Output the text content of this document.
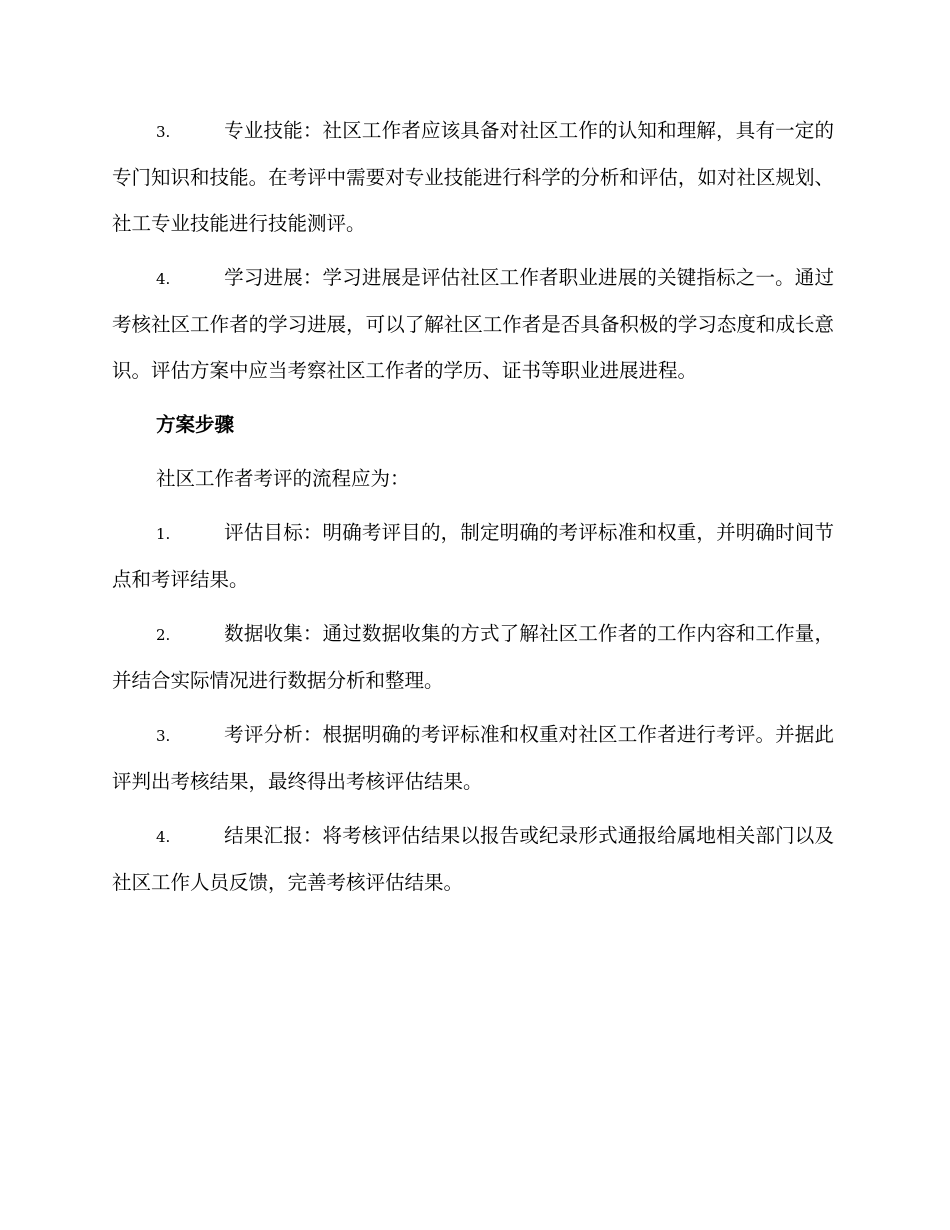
3.	专业技能：社区工作者应该具备对社区工作的认知和理解，具有一定的专门知识和技能。在考评中需要对专业技能进行科学的分析和评估，如对社区规划、社工专业技能进行技能测评。

4.	学习进展：学习进展是评估社区工作者职业进展的关键指标之一。通过考核社区工作者的学习进展，可以了解社区工作者是否具备积极的学习态度和成长意识。评估方案中应当考察社区工作者的学历、证书等职业进展进程。

方案步骤

社区工作者考评的流程应为：

1.	评估目标：明确考评目的，制定明确的考评标准和权重，并明确时间节点和考评结果。

2.	数据收集：通过数据收集的方式了解社区工作者的工作内容和工作量，并结合实际情况进行数据分析和整理。

3.	考评分析：根据明确的考评标准和权重对社区工作者进行考评。并据此评判出考核结果，最终得出考核评估结果。

4.	结果汇报：将考核评估结果以报告或纪录形式通报给属地相关部门以及社区工作人员反馈，完善考核评估结果。
